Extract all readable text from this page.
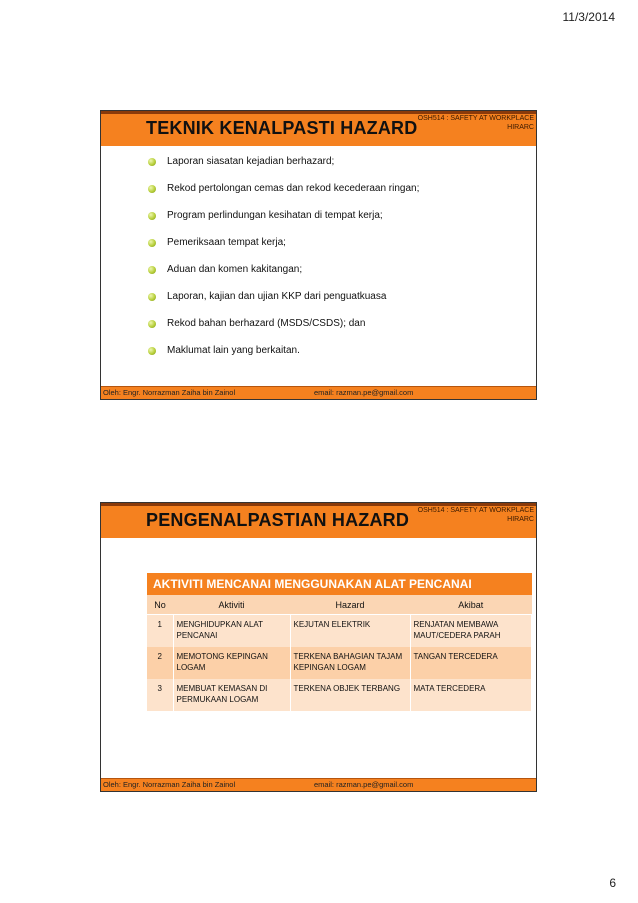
11/3/2014
OSH514 : SAFETY AT WORKPLACE
HIRARC
TEKNIK KENALPASTI HAZARD
Laporan siasatan kejadian berhazard;
Rekod pertolongan cemas dan rekod kecederaan ringan;
Program perlindungan kesihatan di tempat kerja;
Pemeriksaan tempat kerja;
Aduan dan komen kakitangan;
Laporan, kajian dan ujian KKP dari penguatkuasa
Rekod bahan berhazard (MSDS/CSDS); dan
Maklumat lain yang berkaitan.
Oleh: Engr. Norrazman Zaiha bin Zainol	email: razman.pe@gmail.com
OSH514 : SAFETY AT WORKPLACE
HIRARC
PENGENALPASTIAN HAZARD
AKTIVITI MENCANAI MENGGUNAKAN ALAT PENCANAI
No	Aktiviti	Hazard	Akibat
1	MENGHIDUPKAN ALAT PENCANAI	KEJUTAN ELEKTRIK	RENJATAN MEMBAWA MAUT/CEDERA PARAH
2	MEMOTONG KEPINGAN LOGAM	TERKENA BAHAGIAN TAJAM KEPINGAN LOGAM	TANGAN TERCEDERA
3	MEMBUAT KEMASAN DI PERMUKAAN LOGAM	TERKENA OBJEK TERBANG	MATA TERCEDERA
Oleh: Engr. Norrazman Zaiha bin Zainol	email: razman.pe@gmail.com
6
